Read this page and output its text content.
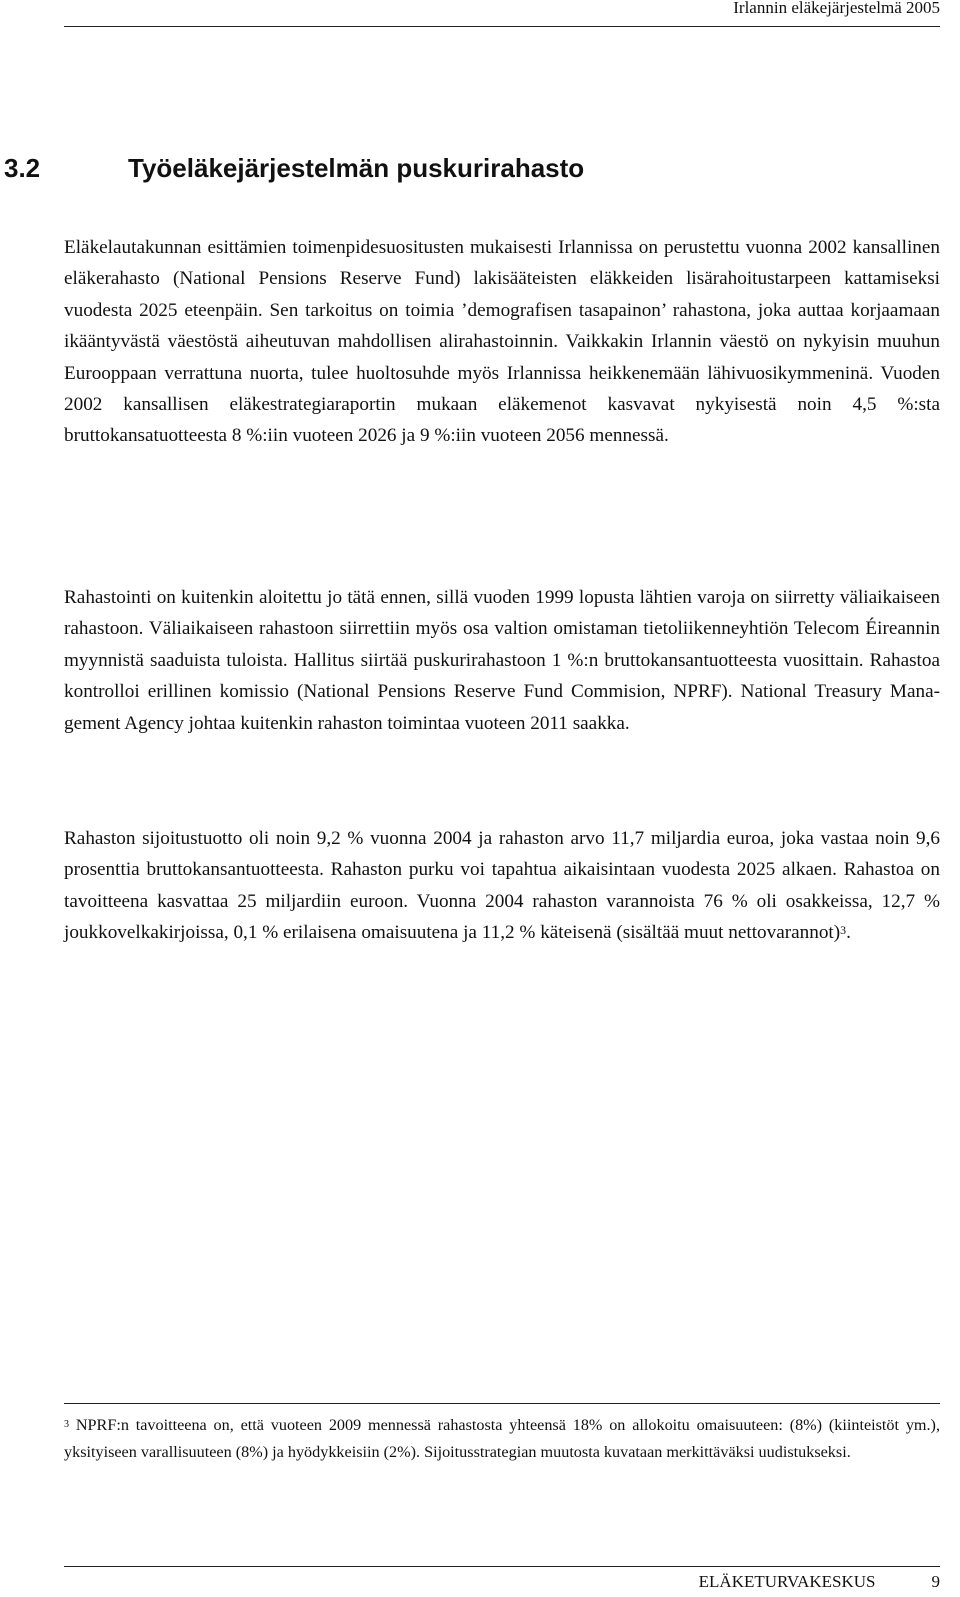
Irlannin eläkejärjestelmä 2005
3.2	Työeläkejärjestelmän puskurirahasto

Eläkelautakunnan esittämien toimenpidesuositusten mukaisesti Irlannissa on perustettu vuonna 2002 kansallinen eläkerahasto (National Pensions Reserve Fund) lakisääteisten eläkkeiden lisärahoitustarpeen kattamiseksi vuodesta 2025 eteenpäin. Sen tarkoitus on toimia ’demografisen tasapainon’ rahastona, joka auttaa korjaamaan ikääntyvästä väestöstä aiheutuvan mahdollisen alirahastoinnin. Vaikkakin Irlannin väestö on nykyisin muuhun Eurooppaan verrattuna nuorta, tulee huoltosuhde myös Irlannissa heikkenemään lähivuosikymmeninä. Vuoden 2002 kansallisen eläkestrategiaraportin mukaan eläkemenot kasvavat nykyisestä noin 4,5 %:sta bruttokansatuotteesta 8 %:iin vuoteen 2026 ja 9 %:iin vuoteen 2056 mennessä.

Rahastointi on kuitenkin aloitettu jo tätä ennen, sillä vuoden 1999 lopusta lähtien varoja on siirretty väliaikaiseen rahastoon. Väliaikaiseen rahastoon siirrettiin myös osa valtion omistaman tietoliikenneyhtiön Telecom Éireannin myynnistä saaduista tuloista. Hallitus siirtää puskurirahastoon 1 %:n bruttokansantuotteesta vuosittain. Rahastoa kontrolloi erillinen komissio (National Pensions Reserve Fund Commision, NPRF). National Treasury Management Agency johtaa kuitenkin rahaston toimintaa vuoteen 2011 saakka.

Rahaston sijoitustuotto oli noin 9,2 % vuonna 2004 ja rahaston arvo 11,7 miljardia euroa, joka vastaa noin 9,6 prosenttia bruttokansantuotteesta. Rahaston purku voi tapahtua aikaisintaan vuodesta 2025 alkaen. Rahastoa on tavoitteena kasvattaa 25 miljardiin euroon. Vuonna 2004 rahaston varannoista 76 % oli osakkeissa, 12,7 % joukkovelkakirjoissa, 0,1 % erilaisena omaisuutena ja 11,2 % käteisenä (sisältää muut nettovarannot)$^3$.

$^3$ NPRF:n tavoitteena on, että vuoteen 2009 mennessä rahastosta yhteensä 18% on allokoitu omaisuuteen: (8%) (kiinteistöt ym.), yksityiseen varallisuuteen (8%) ja hyödykkeisiin (2%). Sijoitusstrategian muutosta kuvataan merkittäväksi uudistukseksi.

ELÄKETURVAKESKUS	9
